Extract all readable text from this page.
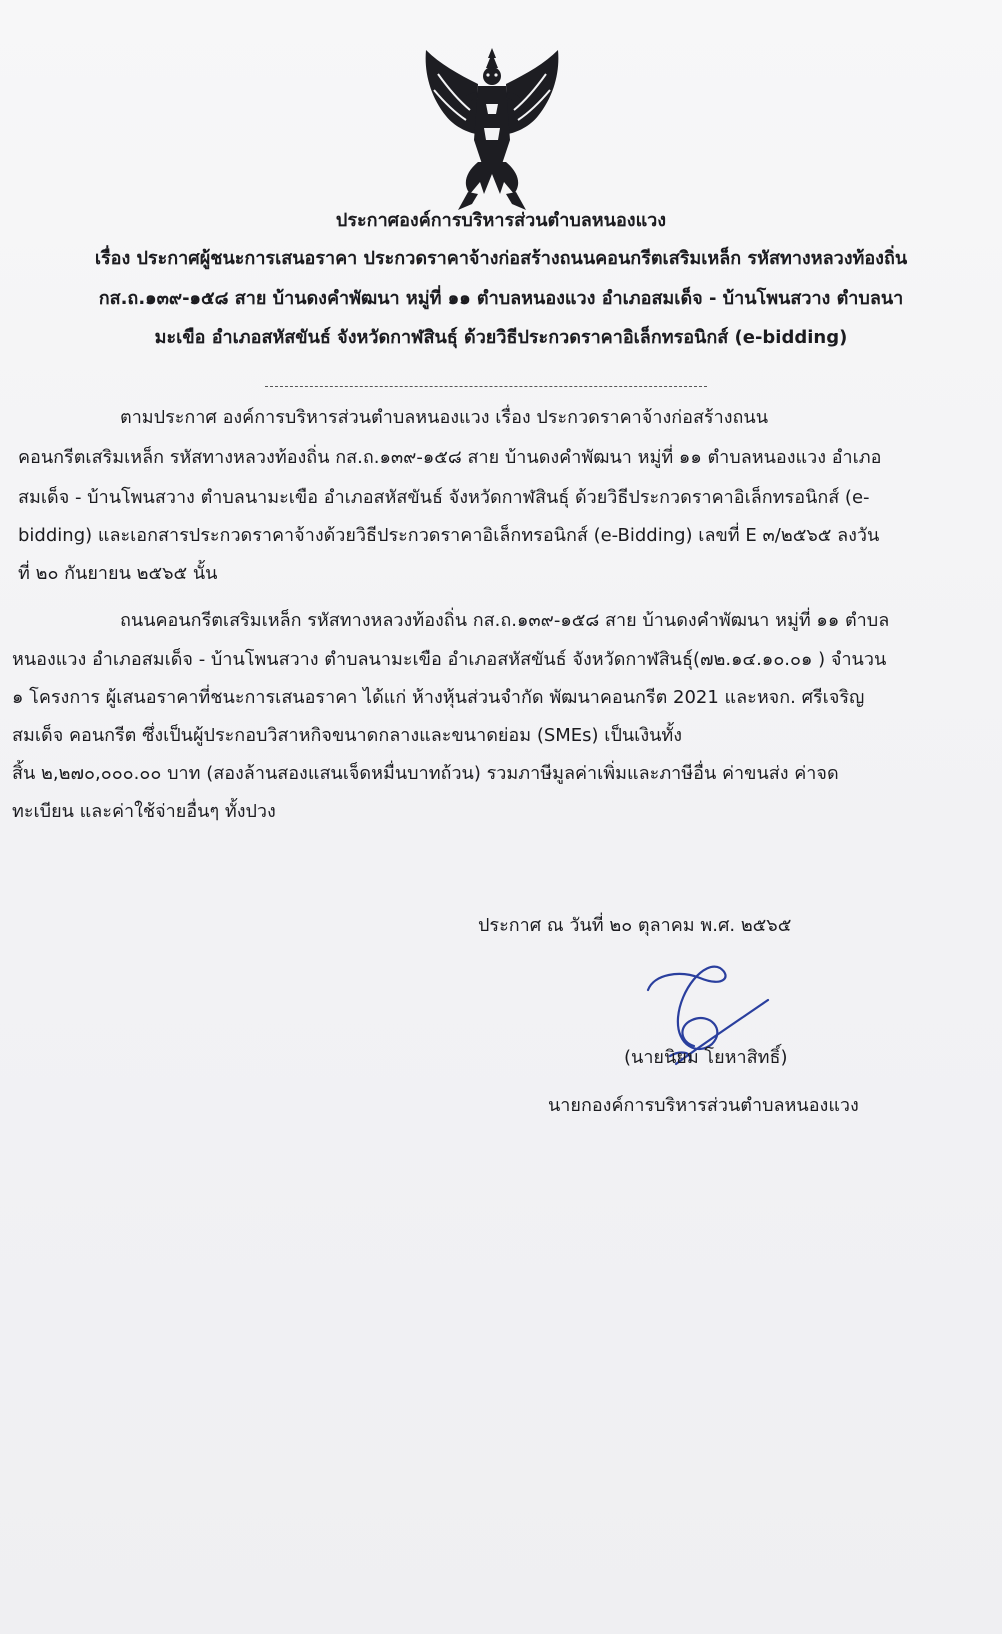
ประกาศองค์การบริหารส่วนตำบลหนองแวง
เรื่อง ประกาศผู้ชนะการเสนอราคา ประกวดราคาจ้างก่อสร้างถนนคอนกรีตเสริมเหล็ก รหัสทางหลวงท้องถิ่น
กส.ถ.๑๓๙-๑๕๘ สาย บ้านดงคำพัฒนา หมู่ที่ ๑๑ ตำบลหนองแวง อำเภอสมเด็จ - บ้านโพนสวาง ตำบลนา
มะเขือ อำเภอสหัสขันธ์ จังหวัดกาฬสินธุ์ ด้วยวิธีประกวดราคาอิเล็กทรอนิกส์ (e-bidding)
ตามประกาศ องค์การบริหารส่วนตำบลหนองแวง เรื่อง ประกวดราคาจ้างก่อสร้างถนน
คอนกรีตเสริมเหล็ก รหัสทางหลวงท้องถิ่น กส.ถ.๑๓๙-๑๕๘ สาย บ้านดงคำพัฒนา หมู่ที่ ๑๑ ตำบลหนองแวง อำเภอ
สมเด็จ - บ้านโพนสวาง ตำบลนามะเขือ อำเภอสหัสขันธ์ จังหวัดกาฬสินธุ์ ด้วยวิธีประกวดราคาอิเล็กทรอนิกส์ (e-
bidding) และเอกสารประกวดราคาจ้างด้วยวิธีประกวดราคาอิเล็กทรอนิกส์ (e-Bidding) เลขที่ E ๓/๒๕๖๕ ลงวัน
ที่ ๒๐ กันยายน ๒๕๖๕ นั้น
ถนนคอนกรีตเสริมเหล็ก รหัสทางหลวงท้องถิ่น กส.ถ.๑๓๙-๑๕๘ สาย บ้านดงคำพัฒนา หมู่ที่ ๑๑ ตำบล
หนองแวง อำเภอสมเด็จ - บ้านโพนสวาง ตำบลนามะเขือ อำเภอสหัสขันธ์ จังหวัดกาฬสินธุ์(๗๒.๑๔.๑๐.๐๑ ) จำนวน
๑ โครงการ ผู้เสนอราคาที่ชนะการเสนอราคา ได้แก่ ห้างหุ้นส่วนจำกัด พัฒนาคอนกรีต 2021 และหจก. ศรีเจริญ
สมเด็จ คอนกรีต ซึ่งเป็นผู้ประกอบวิสาหกิจขนาดกลางและขนาดย่อม (SMEs) เป็นเงินทั้ง
สิ้น ๒,๒๗๐,๐๐๐.๐๐ บาท (สองล้านสองแสนเจ็ดหมื่นบาทถ้วน) รวมภาษีมูลค่าเพิ่มและภาษีอื่น ค่าขนส่ง ค่าจด
ทะเบียน และค่าใช้จ่ายอื่นๆ ทั้งปวง
ประกาศ ณ วันที่ ๒๐ ตุลาคม พ.ศ. ๒๕๖๕
(นายนิยม โยหาสิทธิ์)
นายกองค์การบริหารส่วนตำบลหนองแวง
